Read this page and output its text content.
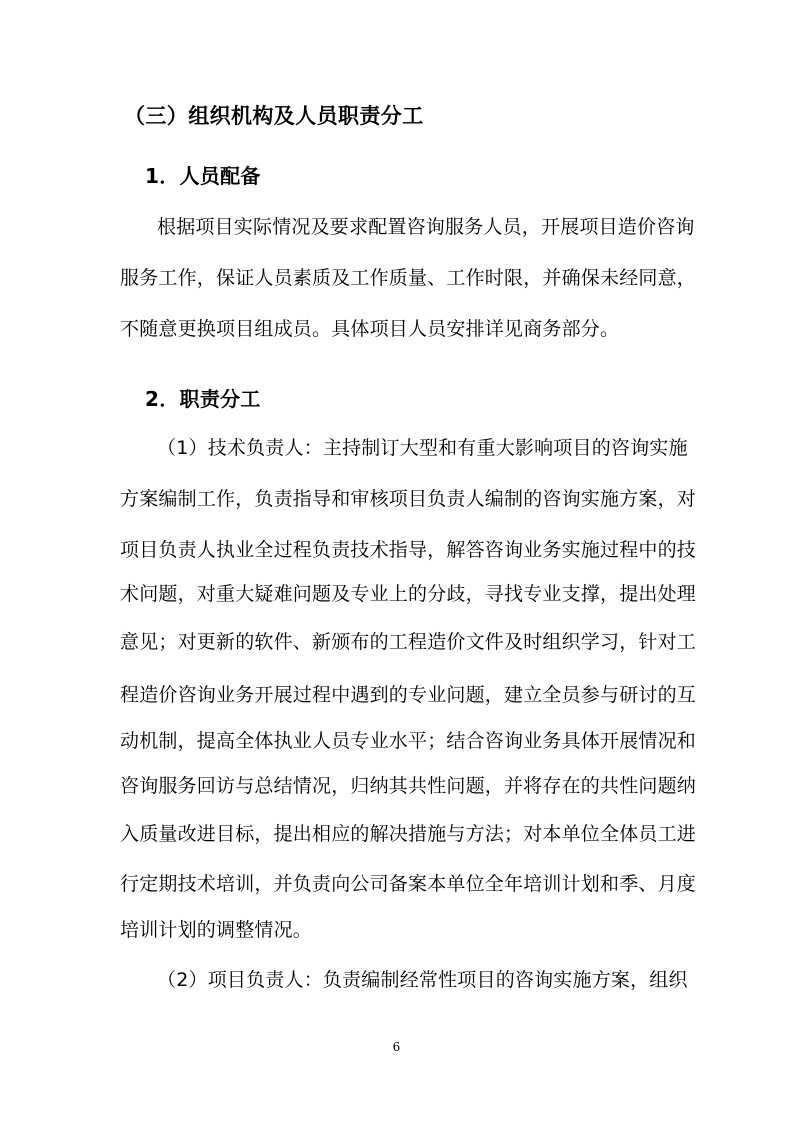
（三）组织机构及人员职责分工
1．人员配备
根据项目实际情况及要求配置咨询服务人员，开展项目造价咨询
服务工作，保证人员素质及工作质量、工作时限，并确保未经同意，
不随意更换项目组成员。具体项目人员安排详见商务部分。
2．职责分工
（1）技术负责人：主持制订大型和有重大影响项目的咨询实施
方案编制工作，负责指导和审核项目负责人编制的咨询实施方案，对
项目负责人执业全过程负责技术指导，解答咨询业务实施过程中的技
术问题，对重大疑难问题及专业上的分歧，寻找专业支撑，提出处理
意见；对更新的软件、新颁布的工程造价文件及时组织学习，针对工
程造价咨询业务开展过程中遇到的专业问题，建立全员参与研讨的互
动机制，提高全体执业人员专业水平；结合咨询业务具体开展情况和
咨询服务回访与总结情况，归纳其共性问题，并将存在的共性问题纳
入质量改进目标，提出相应的解决措施与方法；对本单位全体员工进
行定期技术培训，并负责向公司备案本单位全年培训计划和季、月度
培训计划的调整情况。
（2）项目负责人：负责编制经常性项目的咨询实施方案，组织
6
